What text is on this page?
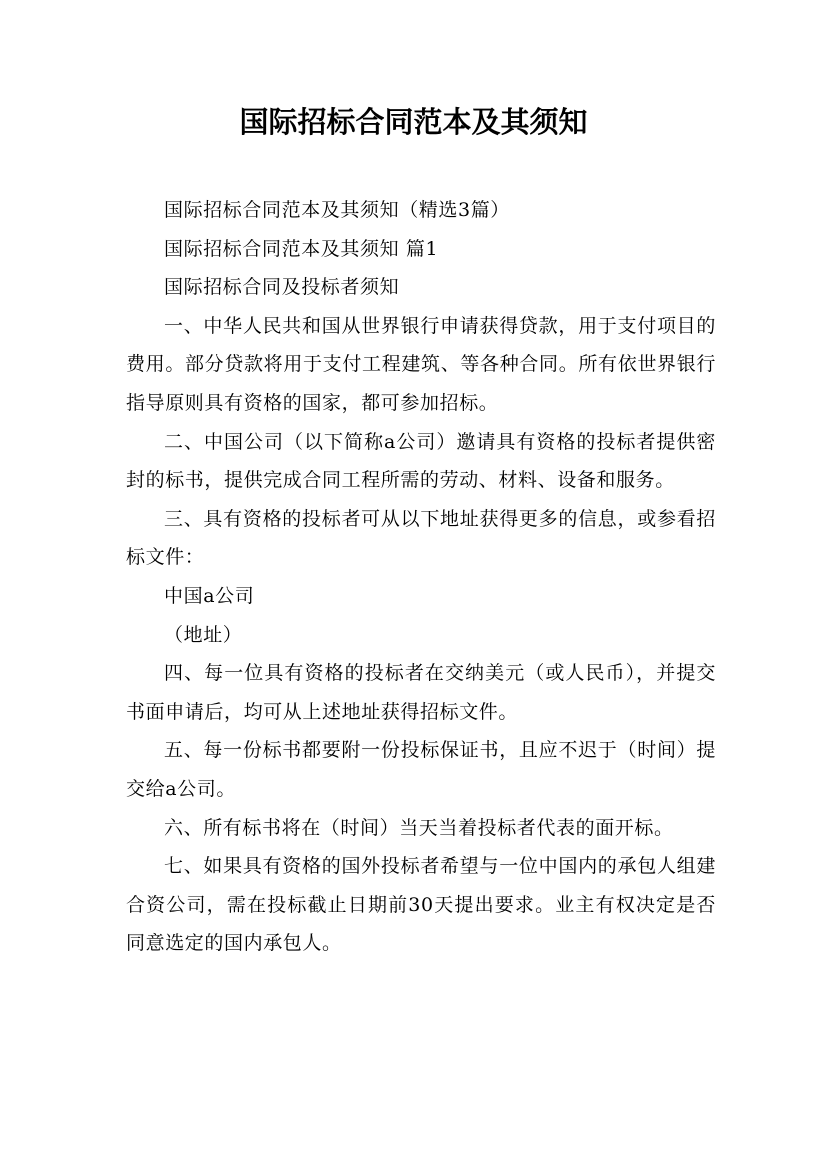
国际招标合同范本及其须知

国际招标合同范本及其须知（精选3篇）

国际招标合同范本及其须知 篇1

国际招标合同及投标者须知

一、中华人民共和国从世界银行申请获得贷款，用于支付项目的费用。部分贷款将用于支付工程建筑、等各种合同。所有依世界银行指导原则具有资格的国家，都可参加招标。

二、中国公司（以下简称a公司）邀请具有资格的投标者提供密封的标书，提供完成合同工程所需的劳动、材料、设备和服务。

三、具有资格的投标者可从以下地址获得更多的信息，或参看招标文件：

中国a公司

（地址）

四、每一位具有资格的投标者在交纳美元（或人民币），并提交书面申请后，均可从上述地址获得招标文件。

五、每一份标书都要附一份投标保证书，且应不迟于（时间）提交给a公司。

六、所有标书将在（时间）当天当着投标者代表的面开标。

七、如果具有资格的国外投标者希望与一位中国内的承包人组建合资公司，需在投标截止日期前30天提出要求。业主有权决定是否同意选定的国内承包人。
